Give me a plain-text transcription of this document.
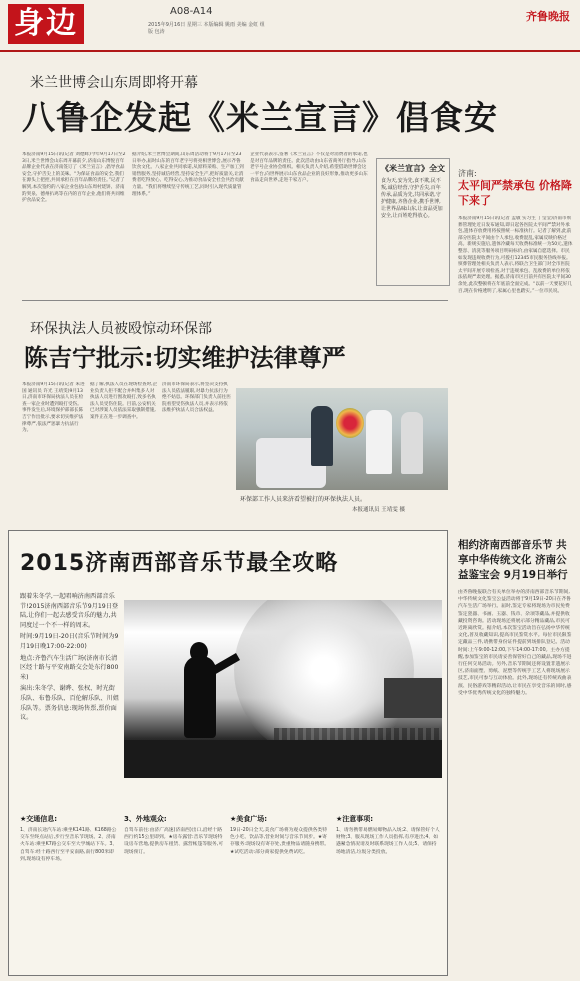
身边	A08-A14
2015年9月16日 星期三 本版编辑 姚雨 美编 金虹 组版 包涛
齐鲁晚报
米兰世博会山东周即将开幕
八鲁企发起《米兰宣言》倡食安
本报济南9月15日讯(记者 刘德辉)今年9月17日至23日,米兰世博会山东周开幕前夕,济南山东博悦百年品牌企业代表在济南签订了《米兰宣言》,倡导食品安全,守护舌尖上的美味。“为保证食品的安全,我们在源头上把控,共同承担在百年品牌的责任。”记者了解到,本次签约的八家企业包括山东周村烧饼、济南趵突泉、德州扒鸡等在内的百年企业,他们将共同维护食品安全。
据介绍,米兰世博会期间,山东周活动将于9月17日至23日举办,届时山东的百年老字号将亮相世博会,展示齐鲁饮食文化。八家企业共同承诺,从原料采购、生产加工到销售服务,坚持诚信经营,坚持安全生产,把好质量关,让消费者吃得放心、吃得安心,为推动食品安全社会共治贡献力量。“我们将继续坚守传统工艺,同时引入现代质量管理体系。”
企业代表表示,签署《米兰宣言》不仅是对消费者的承诺,也是对百年品牌的责任。此次活动由山东省商务厅指导,山东老字号企业协会组织。相关负责人介绍,希望借助世博会这一平台,向世界展示山东食品企业的良好形象,推动更多山东食品走向世界,走进千家万户。
《米兰宣言》全文
食为天,安为先,食不欺,民不叛,诚信经营,守护舌尖,百年传承,品质为先,共同承诺,守护健康,齐鲁企业,携手世博,让世界品味山东,让食品更加安全,让百姓吃得放心。
济南:
太平间严禁承包 价格降下来了
本报济南9月15日讯(记者 孟敏 实习生 丁莹莹)济南市殡葬管理处近日发布通知,即日起各医院太平间严禁对外承包,遗体存放费用将按照统一标准执行。记者了解到,此前部分医院太平间由个人承包,收费混乱,家属反映价格过高。新规实施后,遗体冷藏每天收费标准统一为50元,遗体整容、清洗等服务项目明码标价,由家属自愿选择。市民如发现违规收费行为,可拨打12345市民服务热线举报。殡葬管理处相关负责人表示,将联合卫生部门对全市医院太平间开展专项检查,对于违规承包、乱收费的单位将依法依规严肃处理。据悉,济南市区目前共有医院太平间30余处,此次整顿将在年底前全面完成。“以前一天要花好几百,现在价格透明了,家属心里也踏实。”一位市民说。
环保执法人员被殴惊动环保部
陈吉宁批示:切实维护法律尊严
本报济南9月15日讯(记者 朱进国 通讯员 许光 王靖雯)9月13日,济南市环保局执法人员在检查一家企业时遭到殴打受伤。事件发生后,环境保护部部长陈吉宁作出批示,要求切实维护法律尊严,依法严惩暴力抗法行为。
据了解,执法人员在现场检查时,企业负责人拒不配合并纠集多人对执法人员进行围攻殴打,致多名执法人员受伤住院。目前,公安机关已对涉案人员依法采取强制措施,案件正在进一步调查中。
济南市环保局表示,将坚决支持执法人员依法履职,对暴力抗法行为绝不姑息。环保部门负责人前往医院看望受伤执法人员,并表示将依法维护执法人员合法权益。
环保部工作人员来济看望被打的环保执法人员。
本报通讯员 王靖雯 摄
2015济南西部音乐节最全攻略

跟着朱冬学,一起唱响济南西部音乐节!2015济南西部音乐节9月19日登陆,让你们一起去感受音乐的魅力,共同度过一个不一样的周末。

时间:9月19日-20日(音乐节时间为9月19日晚17:00-22:00)

地点:齐鲁汽车生活广场(济南市长清区经十路与平安南路交会处东行800米)

演出:朱冬学、谢晔、张权、时光街乐队、布鲁乐队、百伦解乐队、川姐乐队等。票务信息:现场售票,票价面议。

★交通信息:
1、济南长途汽车站:乘坐K141路、K168路公交车至终点站后,步行至音乐节现场。2、济南火车站:乘坐K7路公交车至大学城站下车。3、自驾车:经十路西行至平安南路,南行800米即到,现场设有停车场。
3、外地观众:
自驾车前往:由济广高速(济南西)出口,沿经十路西行约15公里即到。★房车露营:音乐节现场特设房车营地,提供房车租赁、露营帐篷等服务,可现场预订。
★美食广场:
19日-20日全天,美食广场将为观众提供各类特色小吃、饮品等,营业时间与音乐节同步。★寄存服务:现场设有寄存处,贵重物品请随身携带。★试吃活动:部分商家提供免费试吃。
★注意事项:
1、请勿携带易燃易爆物品入场;2、请保管好个人财物;3、服从现场工作人员指挥,有序进出;4、如遇紧急情况请及时联系现场工作人员;5、请保持场地清洁,垃圾分类投放。
相约济南西部音乐节 共享中华传统文化 济南公益鉴宝会 9月19日举行
由齐鲁晚报联合有关单位举办的济南西部音乐节期间,中华传统文化鉴宝公益活动将于9月19日-20日在齐鲁汽车生活广场举行。届时,鉴定专家将现场为市民免费鉴定瓷器、书画、玉器、钱币、杂项等藏品,并提供收藏投资咨询。活动现场还将展示部分精品藏品,市民可近距离欣赏。据介绍,本次鉴宝活动旨在弘扬中华传统文化,普及收藏知识,提高市民鉴赏水平。每位市民限鉴定藏品三件,请携带身份证件提前到场排队登记。活动时间:上午9:00-12:00,下午14:00-17:00。主办方提醒,参加鉴宝的市民请妥善保管好自己的藏品,现场不进行任何交易活动。另外,音乐节期间还将设置非遗展示区,济南面塑、剪纸、泥塑等传统手工艺人将现场展示技艺,市民可参与互动体验。此外,现场还有传统戏曲表演、民俗游戏等精彩活动,让市民在享受音乐的同时,感受中华优秀传统文化的独特魅力。
